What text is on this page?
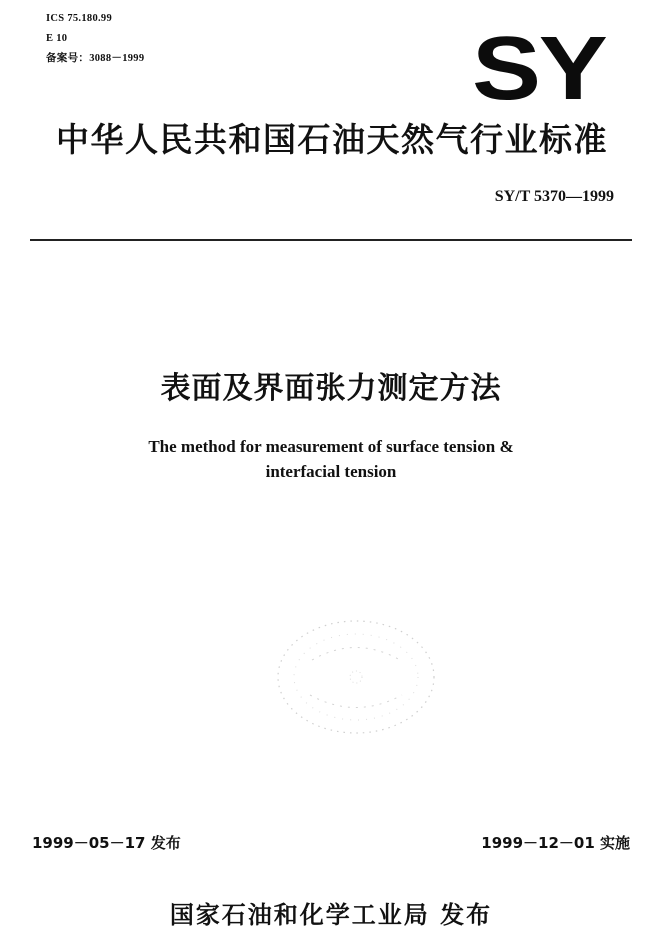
ICS 75.180.99
E 10
备案号：3088－1999	SY
中华人民共和国石油天然气行业标准
SY/T 5370—1999
表面及界面张力测定方法
The method for measurement of surface tension &
interfacial tension
1999－05－17 发布	1999－12－01 实施
国家石油和化学工业局 发布
